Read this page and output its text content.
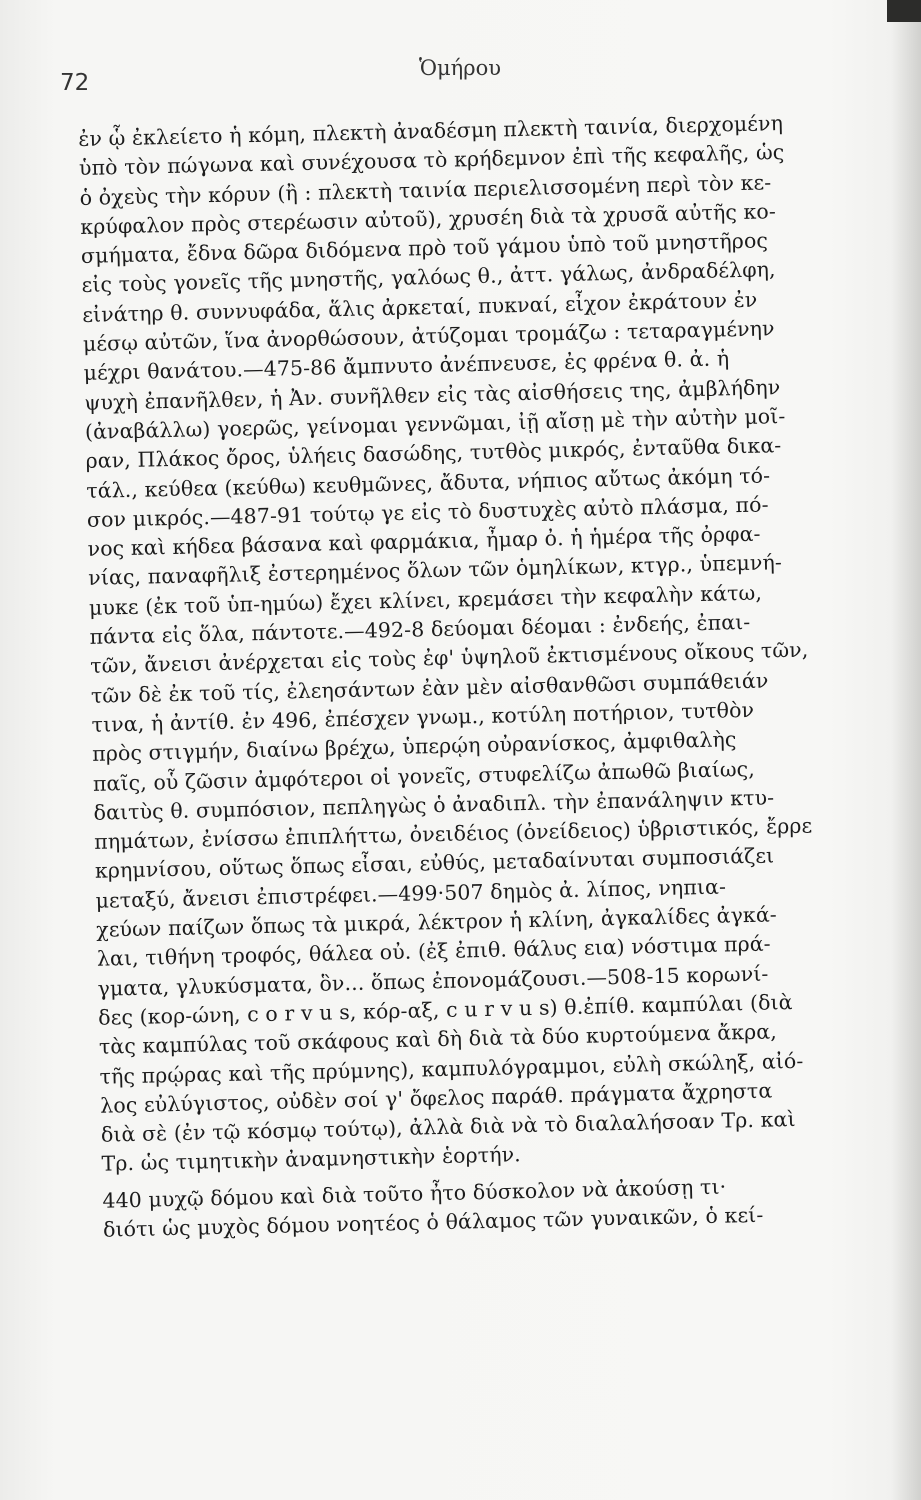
72
Ὁμήρου
ἐν ᾧ ἐκλείετο ἡ κόμη, πλεκτὴ ἀναδέσμη πλεκτὴ ταινία, διερχομένη
ὑπὸ τὸν πώγωνα καὶ συνέχουσα τὸ κρήδεμνον ἐπὶ τῆς κεφαλῆς, ὡς
ὁ ὀχεὺς τὴν κόρυν (ἢ : πλεκτὴ ταινία περιελισσομένη περὶ τὸν κε-
κρύφαλον πρὸς στερέωσιν αὐτοῦ), χρυσέη διὰ τὰ χρυσᾶ αὐτῆς κο-
σμήματα, ἔδνα δῶρα διδόμενα πρὸ τοῦ γάμου ὑπὸ τοῦ μνηστῆρος
εἰς τοὺς γονεῖς τῆς μνηστῆς, γαλόως θ., ἀττ. γάλως, ἀνδραδέλφη,
εἰνάτηρ θ. συννυφάδα, ἅλις ἀρκεταί, πυκναί, εἶχον ἐκράτουν ἐν
μέσῳ αὐτῶν, ἵνα ἀνορθώσουν, ἀτύζομαι τρομάζω : τεταραγμένην
μέχρι θανάτου.—475-86 ἄμπνυτο ἀνέπνευσε, ἐς φρένα θ. ἀ. ἡ
ψυχὴ ἐπανῆλθεν, ἡ Ἀν. συνῆλθεν εἰς τὰς αἰσθήσεις της, ἀμβλήδην
(ἀναβάλλω) γοερῶς, γείνομαι γεννῶμαι, ἰῇ αἴσῃ μὲ τὴν αὐτὴν μοῖ-
ραν, Πλάκος ὄρος, ὑλήεις δασώδης, τυτθὸς μικρός, ἐνταῦθα δικα-
τάλ., κεύθεα (κεύθω) κευθμῶνες, ἄδυτα, νήπιος αὔτως ἀκόμη τό-
σον μικρός.—487-91 τούτῳ γε εἰς τὸ δυστυχὲς αὐτὸ πλάσμα, πό-
νος καὶ κήδεα βάσανα καὶ φαρμάκια, ἦμαρ ὀ. ἡ ἡμέρα τῆς ὀρφα-
νίας, παναφῆλιξ ἐστερημένος ὅλων τῶν ὁμηλίκων, κτγρ., ὑπεμνή-
μυκε (ἐκ τοῦ ὑπ-ημύω) ἔχει κλίνει, κρεμάσει τὴν κεφαλὴν κάτω,
πάντα εἰς ὅλα, πάντοτε.—492-8 δεύομαι δέομαι : ἐνδεής, ἐπαι-
τῶν, ἄνεισι ἀνέρχεται εἰς τοὺς ἐφ' ὑψηλοῦ ἐκτισμένους οἴκους τῶν,
τῶν δὲ ἐκ τοῦ τίς, ἐλεησάντων ἐὰν μὲν αἰσθανθῶσι συμπάθειάν
τινα, ἡ ἀντίθ. ἐν 496, ἐπέσχεν γνωμ., κοτύλη ποτήριον, τυτθὸν
πρὸς στιγμήν, διαίνω βρέχω, ὑπερῴη οὐρανίσκος, ἀμφιθαλὴς
παῖς, οὗ ζῶσιν ἀμφότεροι οἱ γονεῖς, στυφελίζω ἀπωθῶ βιαίως,
δαιτὺς θ. συμπόσιον, πεπληγὼς ὁ ἀναδιπλ. τὴν ἐπανάληψιν κτυ-
πημάτων, ἐνίσσω ἐπιπλήττω, ὀνειδέιος (ὀνείδειος) ὑβριστικός, ἔρρε
κρημνίσου, οὕτως ὅπως εἶσαι, εὐθύς, μεταδαίνυται συμποσιάζει
μεταξύ, ἄνεισι ἐπιστρέφει.—499·507 δημὸς ἀ. λίπος, νηπια-
χεύων παίζων ὅπως τὰ μικρά, λέκτρον ἡ κλίνη, ἀγκαλίδες ἀγκά-
λαι, τιθήνη τροφός, θάλεα οὐ. (ἐξ ἐπιθ. θάλυς εια) νόστιμα πρά-
γματα, γλυκύσματα, ὃν... ὅπως ἐπονομάζουσι.—508-15 κορωνί-
δες (κορ-ώνη, c o r v u s, κόρ-αξ, c u r v u s) θ.ἐπίθ. καμπύλαι (διὰ
τὰς καμπύλας τοῦ σκάφους καὶ δὴ διὰ τὰ δύο κυρτούμενα ἄκρα,
τῆς πρῴρας καὶ τῆς πρύμνης), καμπυλόγραμμοι, εὐλὴ σκώληξ, αἰό-
λος εὐλύγιστος, οὐδὲν σοί γ' ὄφελος παράθ. πράγματα ἄχρηστα
διὰ σὲ (ἐν τῷ κόσμῳ τούτῳ), ἀλλὰ διὰ νὰ τὸ διαλαλήσοαν Τρ. καὶ
Τρ. ὡς τιμητικὴν ἀναμνηστικὴν ἑορτήν.
440 μυχῷ δόμου καὶ διὰ τοῦτο ἦτο δύσκολον νὰ ἀκούσῃ τι·
διότι ὡς μυχὸς δόμου νοητέος ὁ θάλαμος τῶν γυναικῶν, ὁ κεί-
